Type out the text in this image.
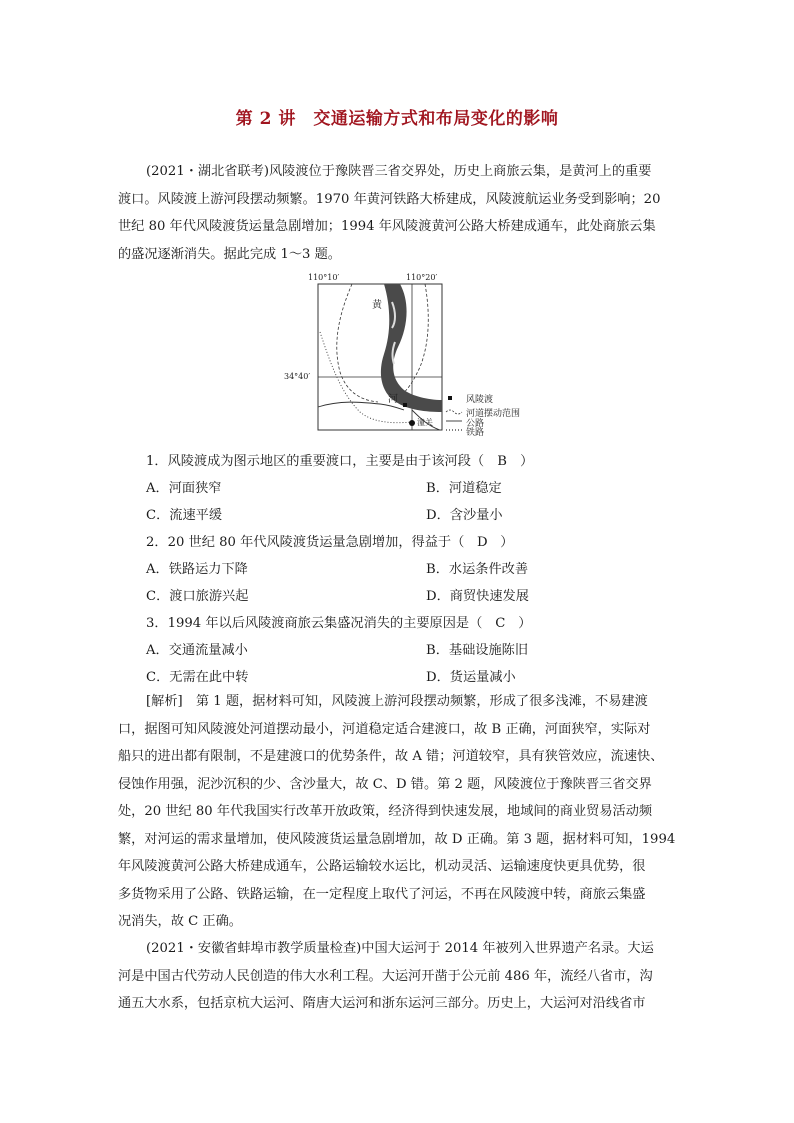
第 2 讲　交通运输方式和布局变化的影响
(2021・湖北省联考)风陵渡位于豫陕晋三省交界处，历史上商旅云集，是黄河上的重要
渡口。风陵渡上游河段摆动频繁。1970 年黄河铁路大桥建成，风陵渡航运业务受到影响；20
世纪 80 年代风陵渡货运量急剧增加；1994 年风陵渡黄河公路大桥建成通车，此处商旅云集
的盛况逐渐消失。据此完成 1～3 题。
110°10′	110°20′
34°40′
黄
河
潼关
风陵渡
河道摆动范围
公路
铁路
1．风陵渡成为图示地区的重要渡口，主要是由于该河段（ B ）
A．河面狭窄	B．河道稳定
C．流速平缓	D．含沙量小
2．20 世纪 80 年代风陵渡货运量急剧增加，得益于（ D ）
A．铁路运力下降	B．水运条件改善
C．渡口旅游兴起	D．商贸快速发展
3．1994 年以后风陵渡商旅云集盛况消失的主要原因是（ C ）
A．交通流量减小	B．基础设施陈旧
C．无需在此中转	D．货运量减小
[解析]　第 1 题，据材料可知，风陵渡上游河段摆动频繁，形成了很多浅滩，不易建渡
口，据图可知风陵渡处河道摆动最小，河道稳定适合建渡口，故 B 正确，河面狭窄，实际对
船只的进出都有限制，不是建渡口的优势条件，故 A 错；河道较窄，具有狭管效应，流速快、
侵蚀作用强，泥沙沉积的少、含沙量大，故 C、D 错。第 2 题，风陵渡位于豫陕晋三省交界
处，20 世纪 80 年代我国实行改革开放政策，经济得到快速发展，地域间的商业贸易活动频
繁，对河运的需求量增加，使风陵渡货运量急剧增加，故 D 正确。第 3 题，据材料可知，1994
年风陵渡黄河公路大桥建成通车，公路运输较水运比，机动灵活、运输速度快更具优势，很
多货物采用了公路、铁路运输，在一定程度上取代了河运，不再在风陵渡中转，商旅云集盛
况消失，故 C 正确。
(2021・安徽省蚌埠市教学质量检查)中国大运河于 2014 年被列入世界遗产名录。大运
河是中国古代劳动人民创造的伟大水利工程。大运河开凿于公元前 486 年，流经八省市，沟
通五大水系，包括京杭大运河、隋唐大运河和浙东运河三部分。历史上，大运河对沿线省市
